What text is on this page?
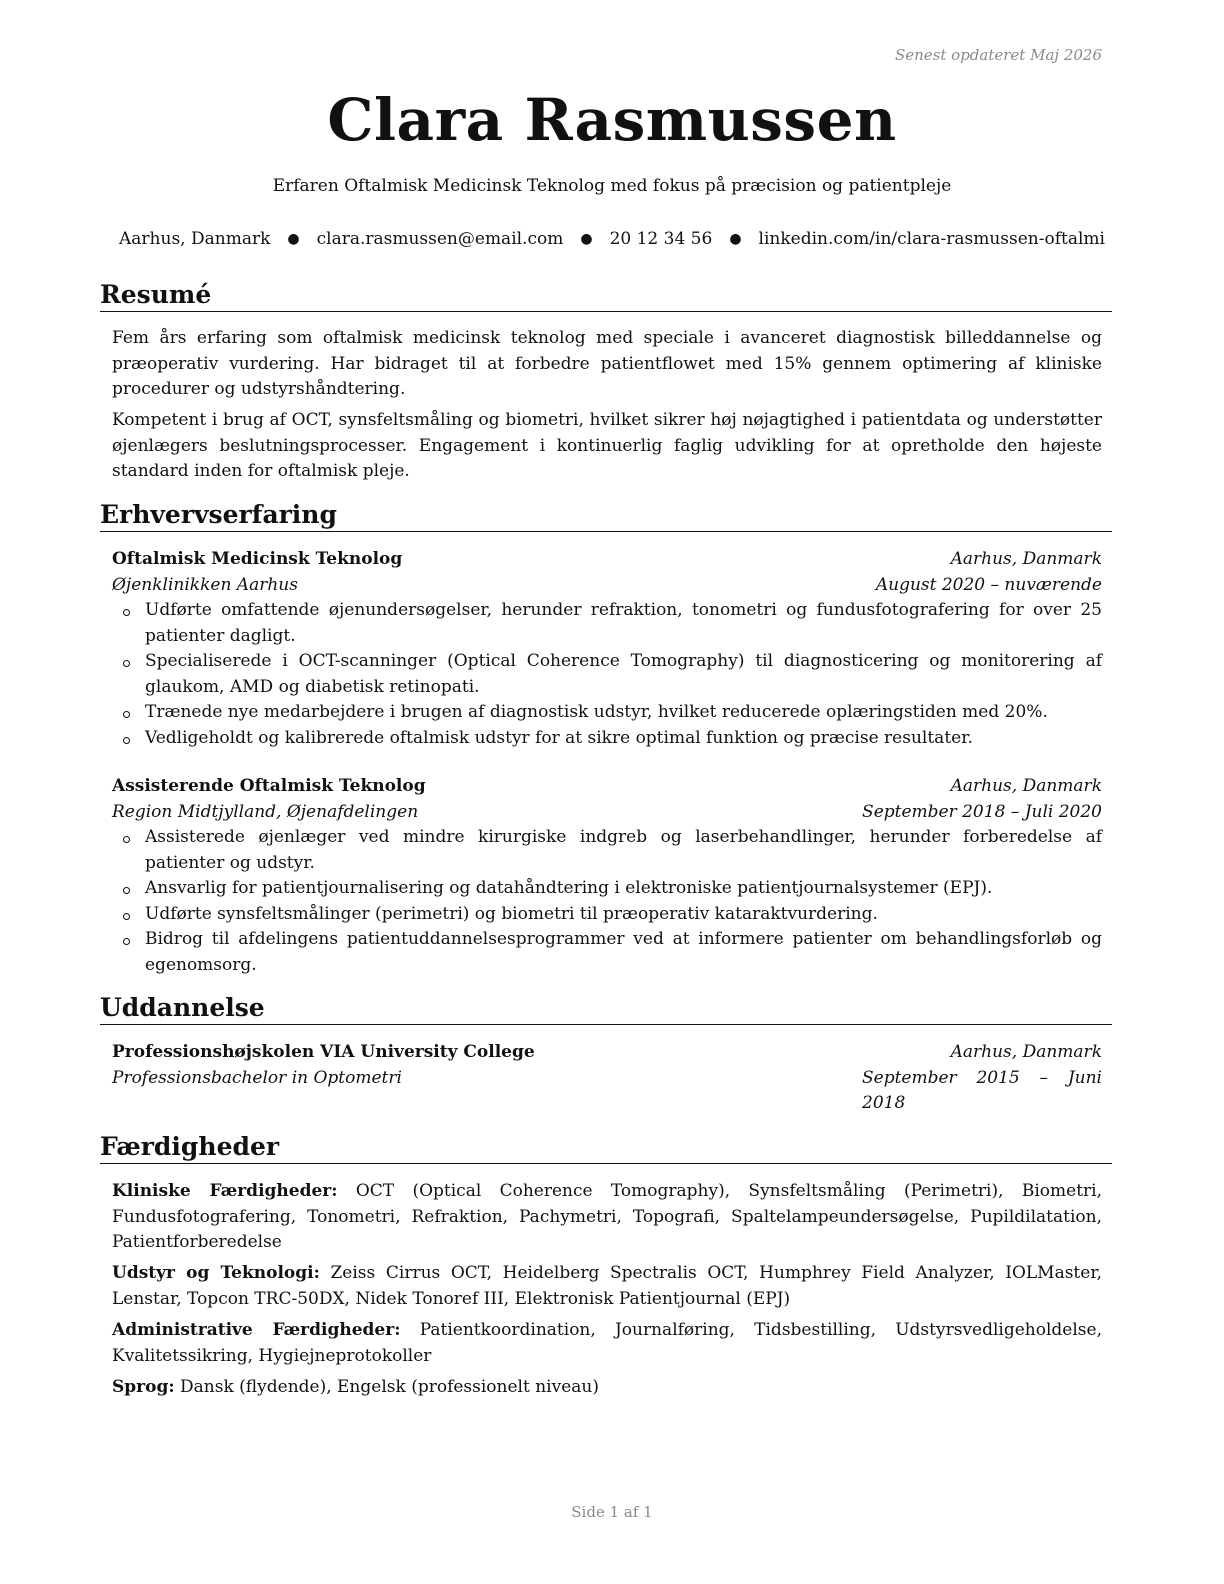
Senest opdateret Maj 2026
Clara Rasmussen
Erfaren Oftalmisk Medicinsk Teknolog med fokus på præcision og patientpleje
Aarhus, Danmark ● clara.rasmussen@email.com ● 20 12 34 56 ● linkedin.com/in/clara-rasmussen-oftalmi
Resumé
Fem års erfaring som oftalmisk medicinsk teknolog med speciale i avanceret diagnostisk billeddannelse og præoperativ vurdering. Har bidraget til at forbedre patientflowet med 15% gennem optimering af kliniske procedurer og udstyrshåndtering.
Kompetent i brug af OCT, synsfeltsmåling og biometri, hvilket sikrer høj nøjagtighed i patientdata og understøtter øjenlægers beslutningsprocesser. Engagement i kontinuerlig faglig udvikling for at opretholde den højeste standard inden for oftalmisk pleje.
Erhvervserfaring
Oftalmisk Medicinsk Teknolog	Aarhus, Danmark
Øjenklinikken Aarhus	August 2020 – nuværende
Udførte omfattende øjenundersøgelser, herunder refraktion, tonometri og fundusfotografering for over 25 patienter dagligt.
Specialiserede i OCT-scanninger (Optical Coherence Tomography) til diagnosticering og monitorering af glaukom, AMD og diabetisk retinopati.
Trænede nye medarbejdere i brugen af diagnostisk udstyr, hvilket reducerede oplæringstiden med 20%.
Vedligeholdt og kalibrerede oftalmisk udstyr for at sikre optimal funktion og præcise resultater.
Assisterende Oftalmisk Teknolog	Aarhus, Danmark
Region Midtjylland, Øjenafdelingen	September 2018 – Juli 2020
Assisterede øjenlæger ved mindre kirurgiske indgreb og laserbehandlinger, herunder forberedelse af patienter og udstyr.
Ansvarlig for patientjournalisering og datahåndtering i elektroniske patientjournalsystemer (EPJ).
Udførte synsfeltsmålinger (perimetri) og biometri til præoperativ kataraktvurdering.
Bidrog til afdelingens patientuddannelsesprogrammer ved at informere patienter om behandlingsforløb og egenomsorg.
Uddannelse
Professionshøjskolen VIA University College	Aarhus, Danmark
Professionsbachelor in Optometri	September 2015 – Juni 2018
Færdigheder
Kliniske Færdigheder: OCT (Optical Coherence Tomography), Synsfeltsmåling (Perimetri), Biometri, Fundusfotografering, Tonometri, Refraktion, Pachymetri, Topografi, Spaltelampeundersøgelse, Pupildilatation, Patientforberedelse
Udstyr og Teknologi: Zeiss Cirrus OCT, Heidelberg Spectralis OCT, Humphrey Field Analyzer, IOLMaster, Lenstar, Topcon TRC-50DX, Nidek Tonoref III, Elektronisk Patientjournal (EPJ)
Administrative Færdigheder: Patientkoordination, Journalføring, Tidsbestilling, Udstyrsvedligeholdelse, Kvalitetssikring, Hygiejneprotokoller
Sprog: Dansk (flydende), Engelsk (professionelt niveau)
Side 1 af 1
